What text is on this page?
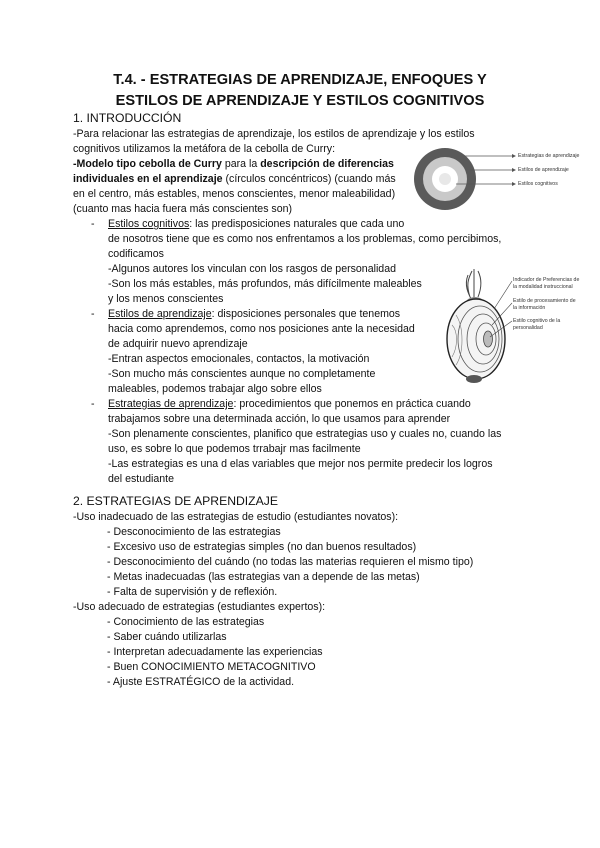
T.4. - ESTRATEGIAS DE APRENDIZAJE, ENFOQUES Y
ESTILOS DE APRENDIZAJE Y ESTILOS COGNITIVOS
1. INTRODUCCIÓN
-Para relacionar las estrategias de aprendizaje, los estilos de aprendizaje y los estilos
cognitivos utilizamos la metáfora de la cebolla de Curry:
-Modelo tipo cebolla de Curry para la descripción de diferencias
individuales en el aprendizaje (círculos concéntricos) (cuando más
en el centro, más estables, menos conscientes, menor maleabilidad)
(cuanto mas hacia fuera más conscientes son)
- Estilos cognitivos: las predisposiciones naturales que cada uno
de nosotros tiene que es como nos enfrentamos a los problemas, como percibimos,
codificamos
-Algunos autores los vinculan con los rasgos de personalidad
-Son los más estables, más profundos, más difícilmente maleables
y los menos conscientes
- Estilos de aprendizaje: disposiciones personales que tenemos
hacia como aprendemos, como nos posiciones ante la necesidad
de adquirir nuevo aprendizaje
-Entran aspectos emocionales, contactos, la motivación
-Son mucho más conscientes aunque no completamente
maleables, podemos trabajar algo sobre ellos
- Estrategias de aprendizaje: procedimientos que ponemos en práctica cuando
trabajamos sobre una determinada acción, lo que usamos para aprender
-Son plenamente conscientes, planifico que estrategias uso y cuales no, cuando las
uso, es sobre lo que podemos trrabajr mas facilmente
-Las estrategias es una d elas variables que mejor nos permite predecir los logros
del estudiante
2. ESTRATEGIAS DE APRENDIZAJE
-Uso inadecuado de las estrategias de estudio (estudiantes novatos):
- Desconocimiento de las estrategias
- Excesivo uso de estrategias simples (no dan buenos resultados)
- Desconocimiento del cuándo (no todas las materias requieren el mismo tipo)
- Metas inadecuadas (las estrategias van a depende de las metas)
- Falta de supervisión y de reflexión.
-Uso adecuado de estrategias (estudiantes expertos):
- Conocimiento de las estrategias
- Saber cuándo utilizarlas
- Interpretan adecuadamente las experiencias
- Buen CONOCIMIENTO METACOGNITIVO
- Ajuste ESTRATÉGICO de la actividad.
Estrategias de aprendizaje
Estilos de aprendizaje
Estilos cognitivos
Indicador de Preferencias de
la modalidad instruccional
Estilo de procesamiento de
la información
Estilo cognitivo de la
personalidad
